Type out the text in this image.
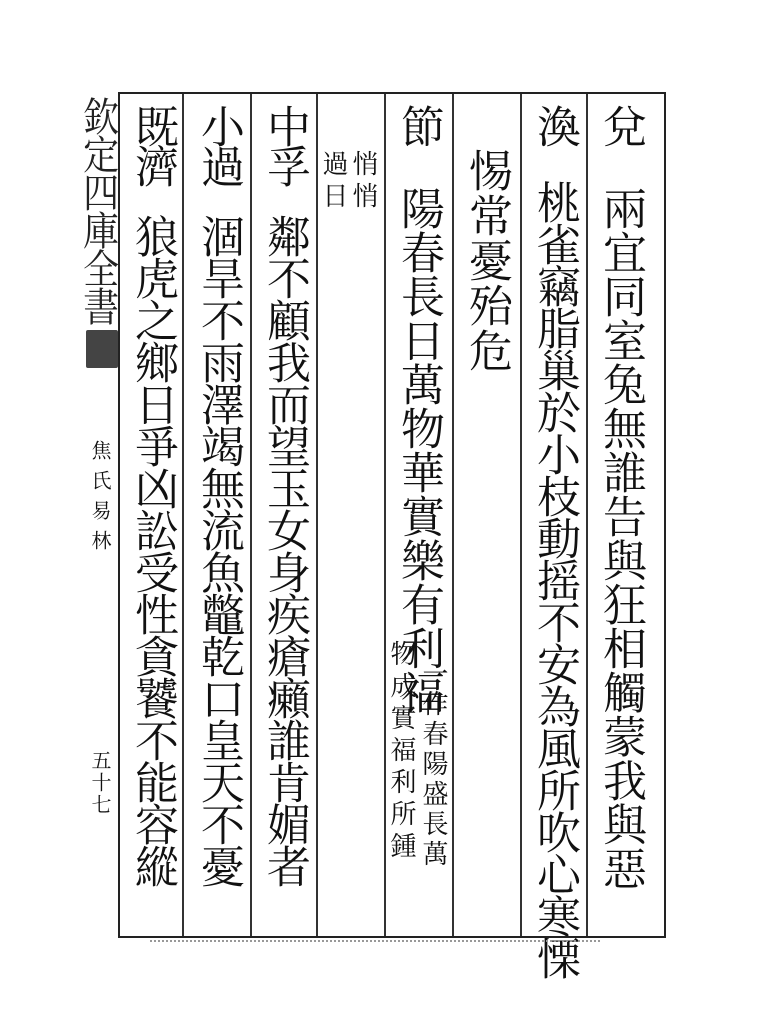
欽定四庫全書
焦氏易林
五十七
兌
兩宜同室兔無誰告與狂相觸蒙我與惡
渙
桃雀竊脂巢於小枝動摇不安為風所吹心寒慄
惕常憂殆危
節
陽春長日萬物華實樂有利福
一作春陽盛長萬
物成實福利所鍾
悄悄
過日
中孚
鄰不顧我而望玉女身疾瘡癩誰肯媚者
小過
涸旱不雨澤竭無流魚鼈乾口皇天不憂
既濟
狼虎之鄉日爭凶訟受性貪饕不能容縱
